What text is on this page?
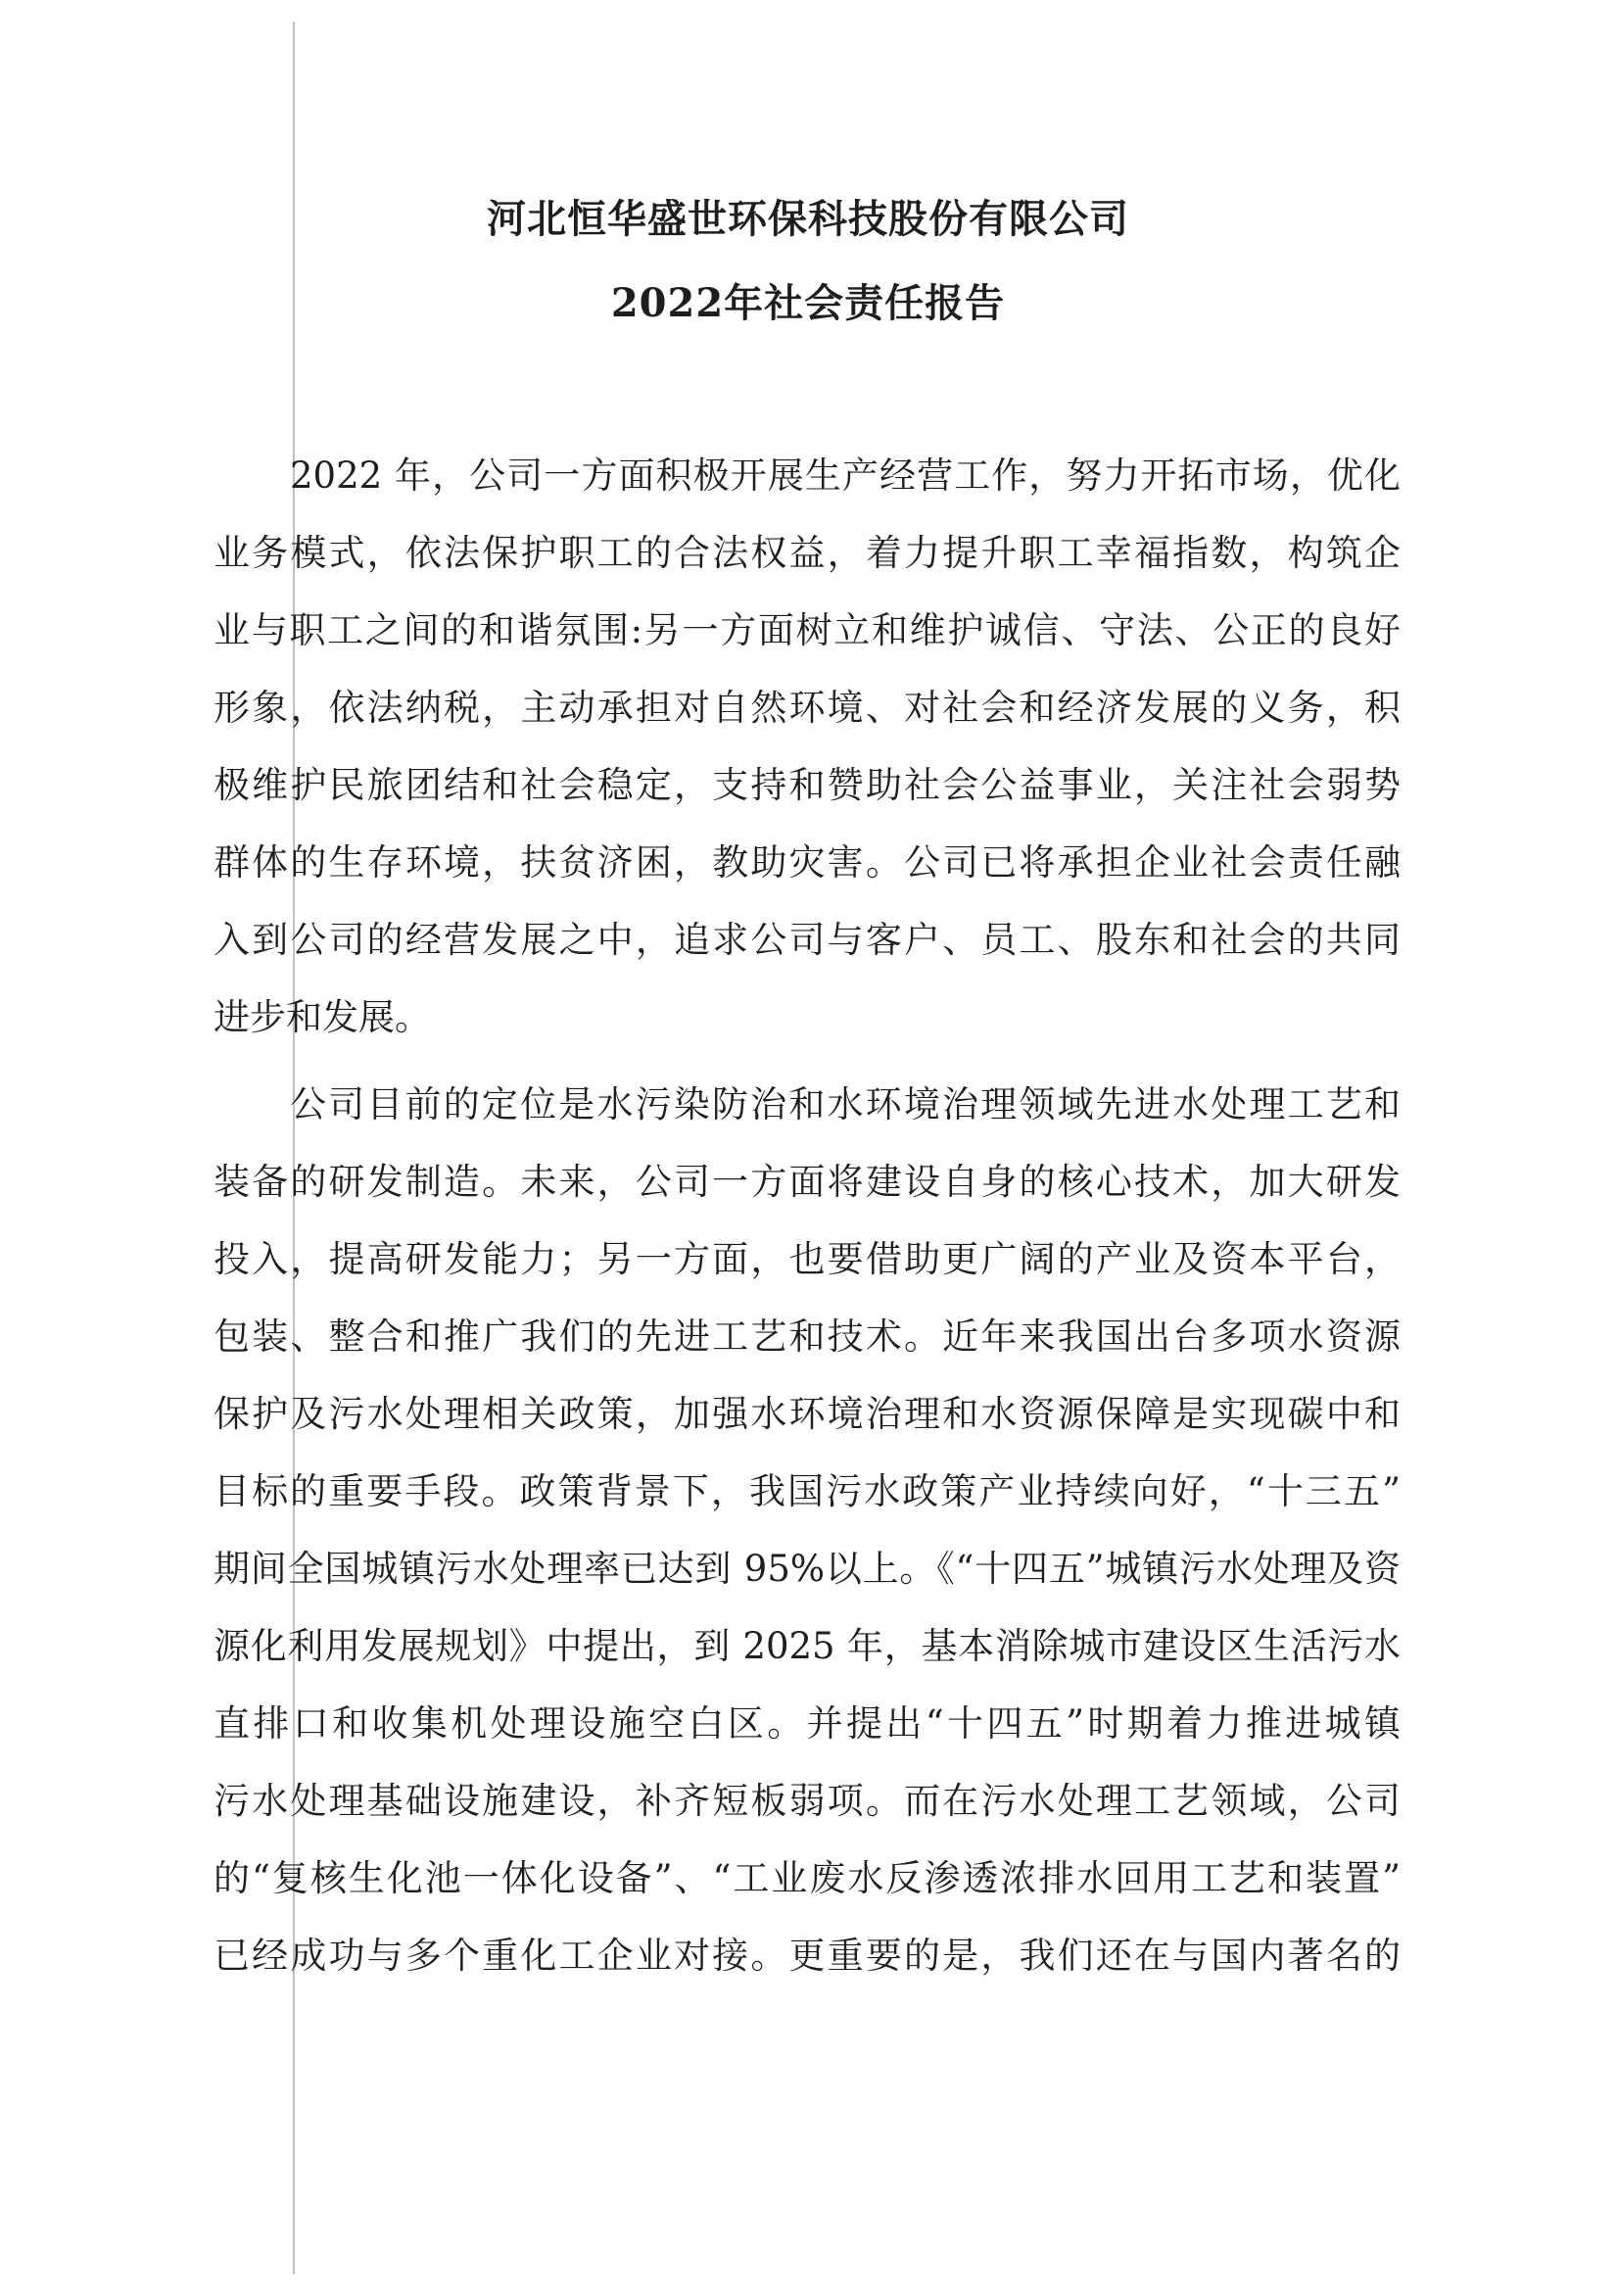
河北恒华盛世环保科技股份有限公司
2022年社会责任报告
2022 年，公司一方面积极开展生产经营工作，努力开拓市场，优化
业务模式，依法保护职工的合法权益，着力提升职工幸福指数，构筑企
业与职工之间的和谐氛围:另一方面树立和维护诚信、守法、公正的良好
形象，依法纳税，主动承担对自然环境、对社会和经济发展的义务，积
极维护民旅团结和社会稳定，支持和赞助社会公益事业，关注社会弱势
群体的生存环境，扶贫济困，教助灾害。公司已将承担企业社会责任融
入到公司的经营发展之中，追求公司与客户、员工、股东和社会的共同
进步和发展。
公司目前的定位是水污染防治和水环境治理领域先进水处理工艺和
装备的研发制造。未来，公司一方面将建设自身的核心技术，加大研发
投入，提高研发能力；另一方面，也要借助更广阔的产业及资本平台，
包装、整合和推广我们的先进工艺和技术。近年来我国出台多项水资源
保护及污水处理相关政策，加强水环境治理和水资源保障是实现碳中和
目标的重要手段。政策背景下，我国污水政策产业持续向好，“十三五”
期间全国城镇污水处理率已达到 95%以上。《“十四五”城镇污水处理及资
源化利用发展规划》中提出，到 2025 年，基本消除城市建设区生活污水
直排口和收集机处理设施空白区。并提出“十四五”时期着力推进城镇
污水处理基础设施建设，补齐短板弱项。而在污水处理工艺领域，公司
的“复核生化池一体化设备”、“工业废水反渗透浓排水回用工艺和装置”
已经成功与多个重化工企业对接。更重要的是，我们还在与国内著名的
